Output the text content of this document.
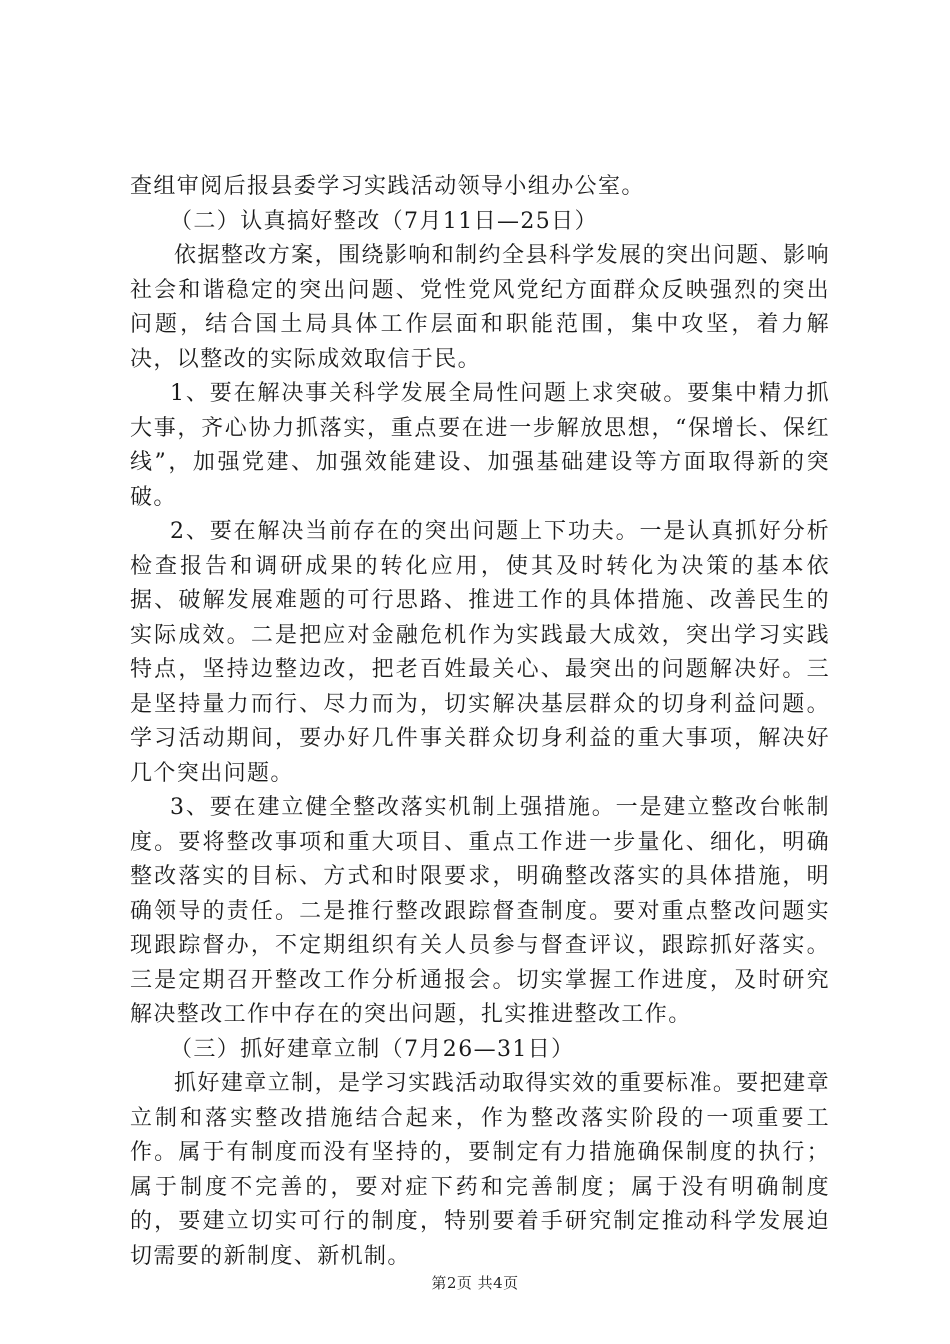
查组审阅后报县委学习实践活动领导小组办公室。

（二）认真搞好整改（7月11日—25日）

依据整改方案，围绕影响和制约全县科学发展的突出问题、影响社会和谐稳定的突出问题、党性党风党纪方面群众反映强烈的突出问题，结合国土局具体工作层面和职能范围，集中攻坚，着力解决，以整改的实际成效取信于民。

1、要在解决事关科学发展全局性问题上求突破。要集中精力抓大事，齐心协力抓落实，重点要在进一步解放思想，“保增长、保红线”，加强党建、加强效能建设、加强基础建设等方面取得新的突破。

2、要在解决当前存在的突出问题上下功夫。一是认真抓好分析检查报告和调研成果的转化应用，使其及时转化为决策的基本依据、破解发展难题的可行思路、推进工作的具体措施、改善民生的实际成效。二是把应对金融危机作为实践最大成效，突出学习实践特点，坚持边整边改，把老百姓最关心、最突出的问题解决好。三是坚持量力而行、尽力而为，切实解决基层群众的切身利益问题。学习活动期间，要办好几件事关群众切身利益的重大事项，解决好几个突出问题。

3、要在建立健全整改落实机制上强措施。一是建立整改台帐制度。要将整改事项和重大项目、重点工作进一步量化、细化，明确整改落实的目标、方式和时限要求，明确整改落实的具体措施，明确领导的责任。二是推行整改跟踪督查制度。要对重点整改问题实现跟踪督办，不定期组织有关人员参与督查评议，跟踪抓好落实。三是定期召开整改工作分析通报会。切实掌握工作进度，及时研究解决整改工作中存在的突出问题，扎实推进整改工作。

（三）抓好建章立制（7月26—31日）

抓好建章立制，是学习实践活动取得实效的重要标准。要把建章立制和落实整改措施结合起来，作为整改落实阶段的一项重要工作。属于有制度而没有坚持的，要制定有力措施确保制度的执行；属于制度不完善的，要对症下药和完善制度；属于没有明确制度的，要建立切实可行的制度，特别要着手研究制定推动科学发展迫切需要的新制度、新机制。

第2页 共4页
